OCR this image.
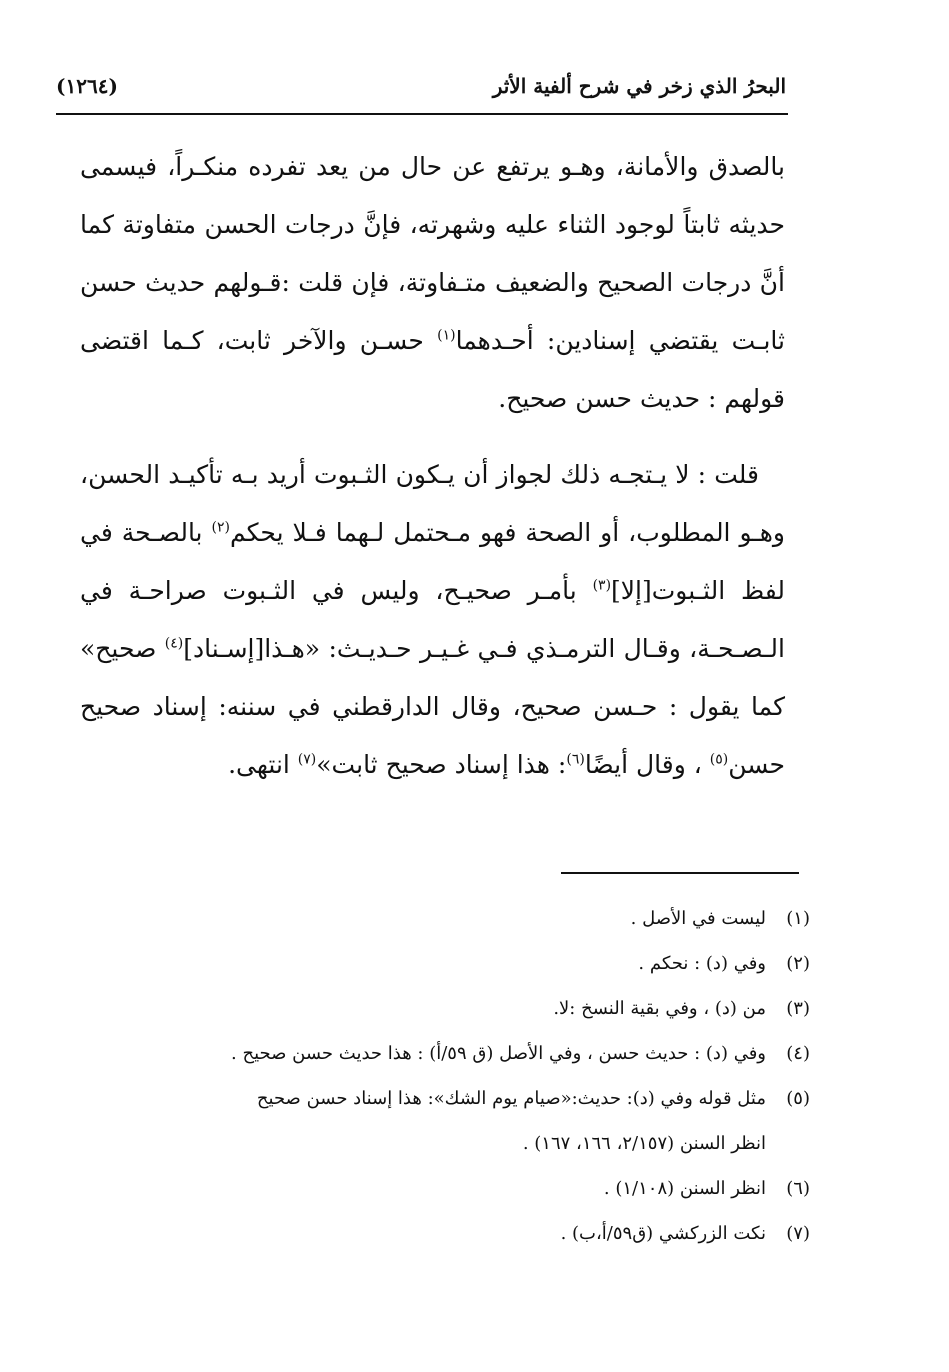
(١٢٦٤)	البحرُ الذي زخر في شرح ألفية الأثر

بالصدق والأمانة، وهـو يرتفع عن حال من يعد تفرده منكـراً، فيسمى حديثه ثابتاً لوجود الثناء عليه وشهرته، فإنَّ درجات الحسن متفاوتة كما أنَّ درجات الصحيح والضعيف متـفاوتة، فإن قلت :قـولهم حديث حسن ثابـت يقتضي إسنادين: أحـدهما$^{(١)}$ حسـن والآخر ثابت، كـما اقتضى قولهم : حديث حسن صحيح.

قلت : لا يـتجـه ذلك لجواز أن يـكون الثـبوت أريد بـه تأكيـد الحسن، وهـو المطلوب، أو الصحة فهو مـحتمل لـهما فـلا يحكم$^{(٢)}$ بالصـحة في لفظ الثـبوت[إلا]$^{(٣)}$ بأمـر صحيـح، وليس في الثـبوت صراحـة في الـصـحـة، وقـال الترمـذي فـي غـيـر حـديـث: «هـذا[إسـناد]$^{(٤)}$ صحيح» كما يقول : حـسن صحيح، وقال الدارقطني في سننه: إسناد صحيح حسن$^{(٥)}$ ، وقال أيضًا$^{(٦)}$: هذا إسناد صحيح ثابت»$^{(٧)}$ انتهى.

(١)
ليست في الأصل .
(٢)
وفي (د) : نحكم .
(٣)
من (د) ، وفي بقية النسخ :لا.
(٤)
وفي (د) : حديث حسن ، وفي الأصل (ق ٥٩/أ) : هذا حديث حسن صحيح .
(٥)
مثل قوله وفي (د): حديث:«صيام يوم الشك»: هذا إسناد حسن صحيح
انظر السنن (٢/١٥٧، ١٦٦، ١٦٧) .
(٦)
انظر السنن (١/١٠٨) .
(٧)
نكت الزركشي (ق٥٩/أ،ب) .
